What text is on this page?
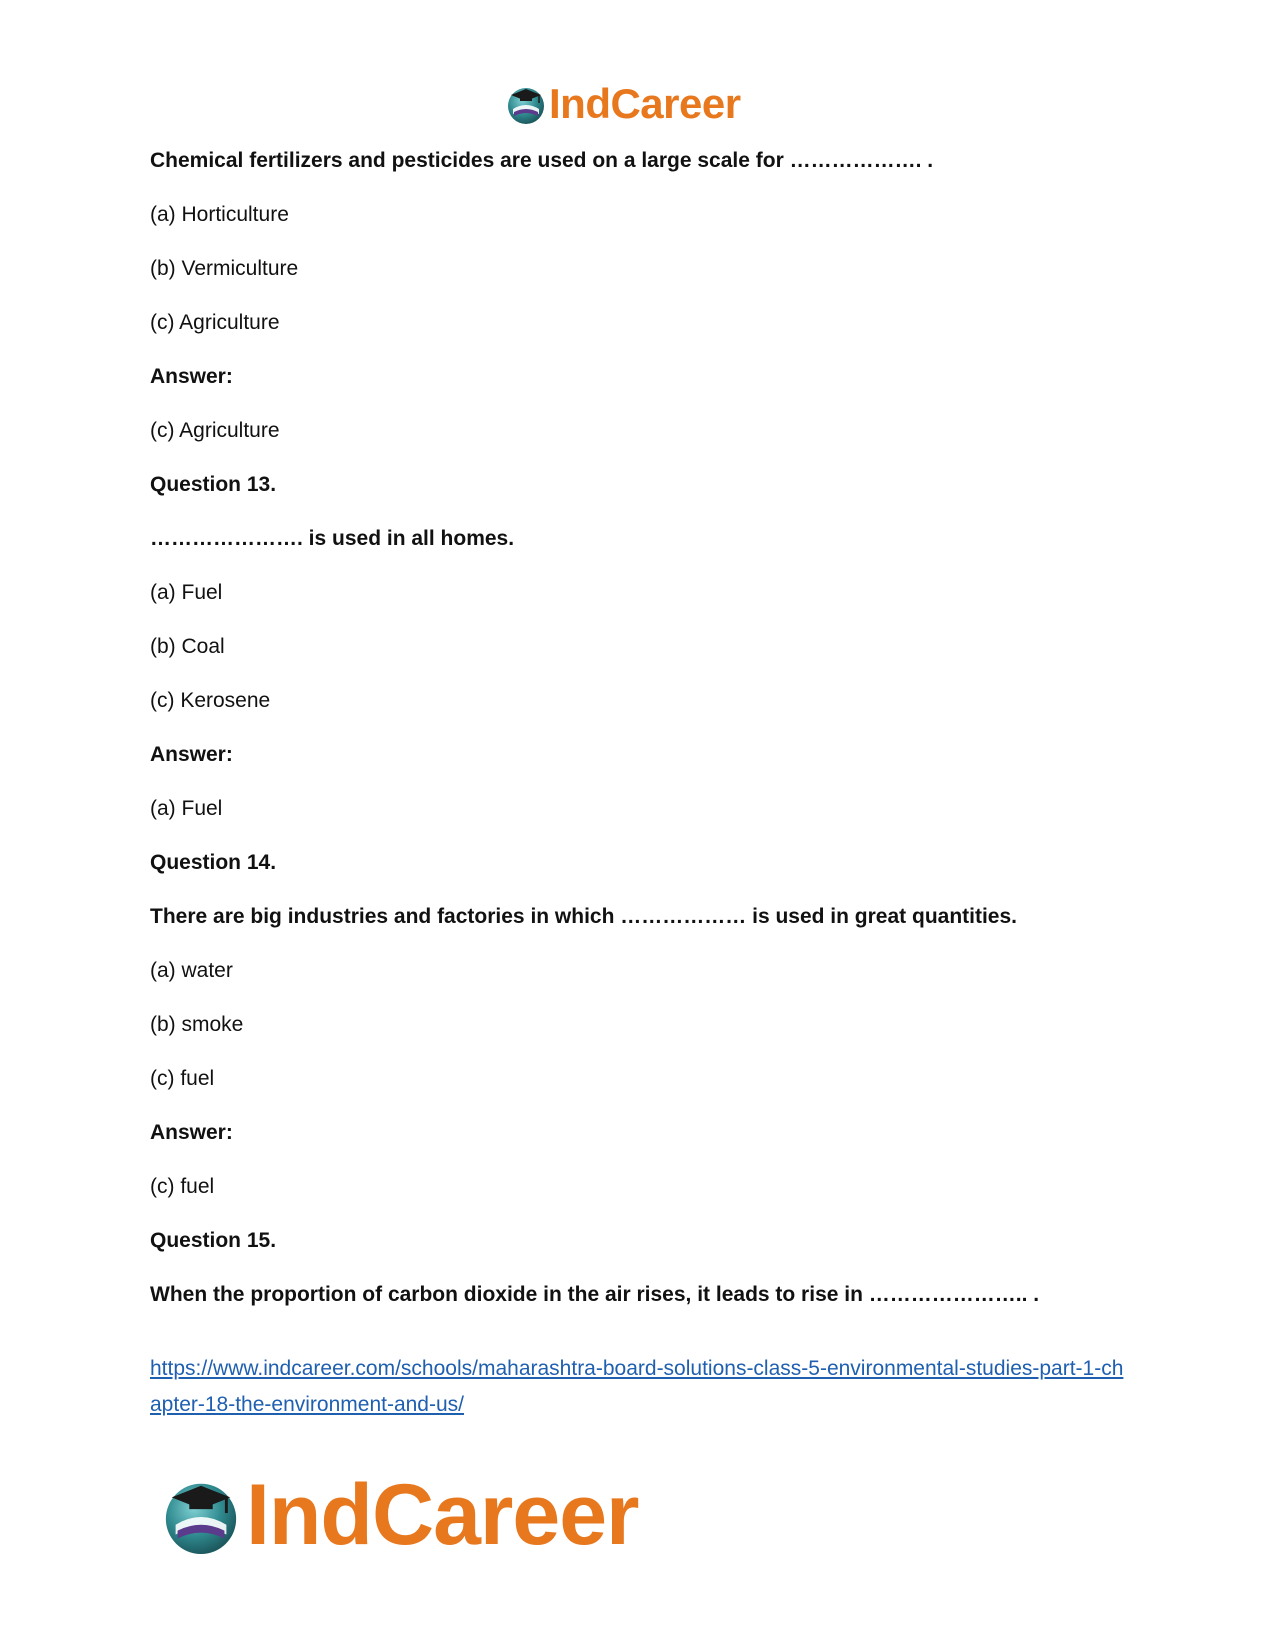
IndCareer
Chemical fertilizers and pesticides are used on a large scale for ………………. .
(a) Horticulture
(b) Vermiculture
(c) Agriculture
Answer:
(c) Agriculture
Question 13.
…………………. is used in all homes.
(a) Fuel
(b) Coal
(c) Kerosene
Answer:
(a) Fuel
Question 14.
There are big industries and factories in which ……………… is used in great quantities.
(a) water
(b) smoke
(c) fuel
Answer:
(c) fuel
Question 15.
When the proportion of carbon dioxide in the air rises, it leads to rise in ………………….. .
https://www.indcareer.com/schools/maharashtra-board-solutions-class-5-environmental-studies-part-1-chapter-18-the-environment-and-us/
IndCareer
